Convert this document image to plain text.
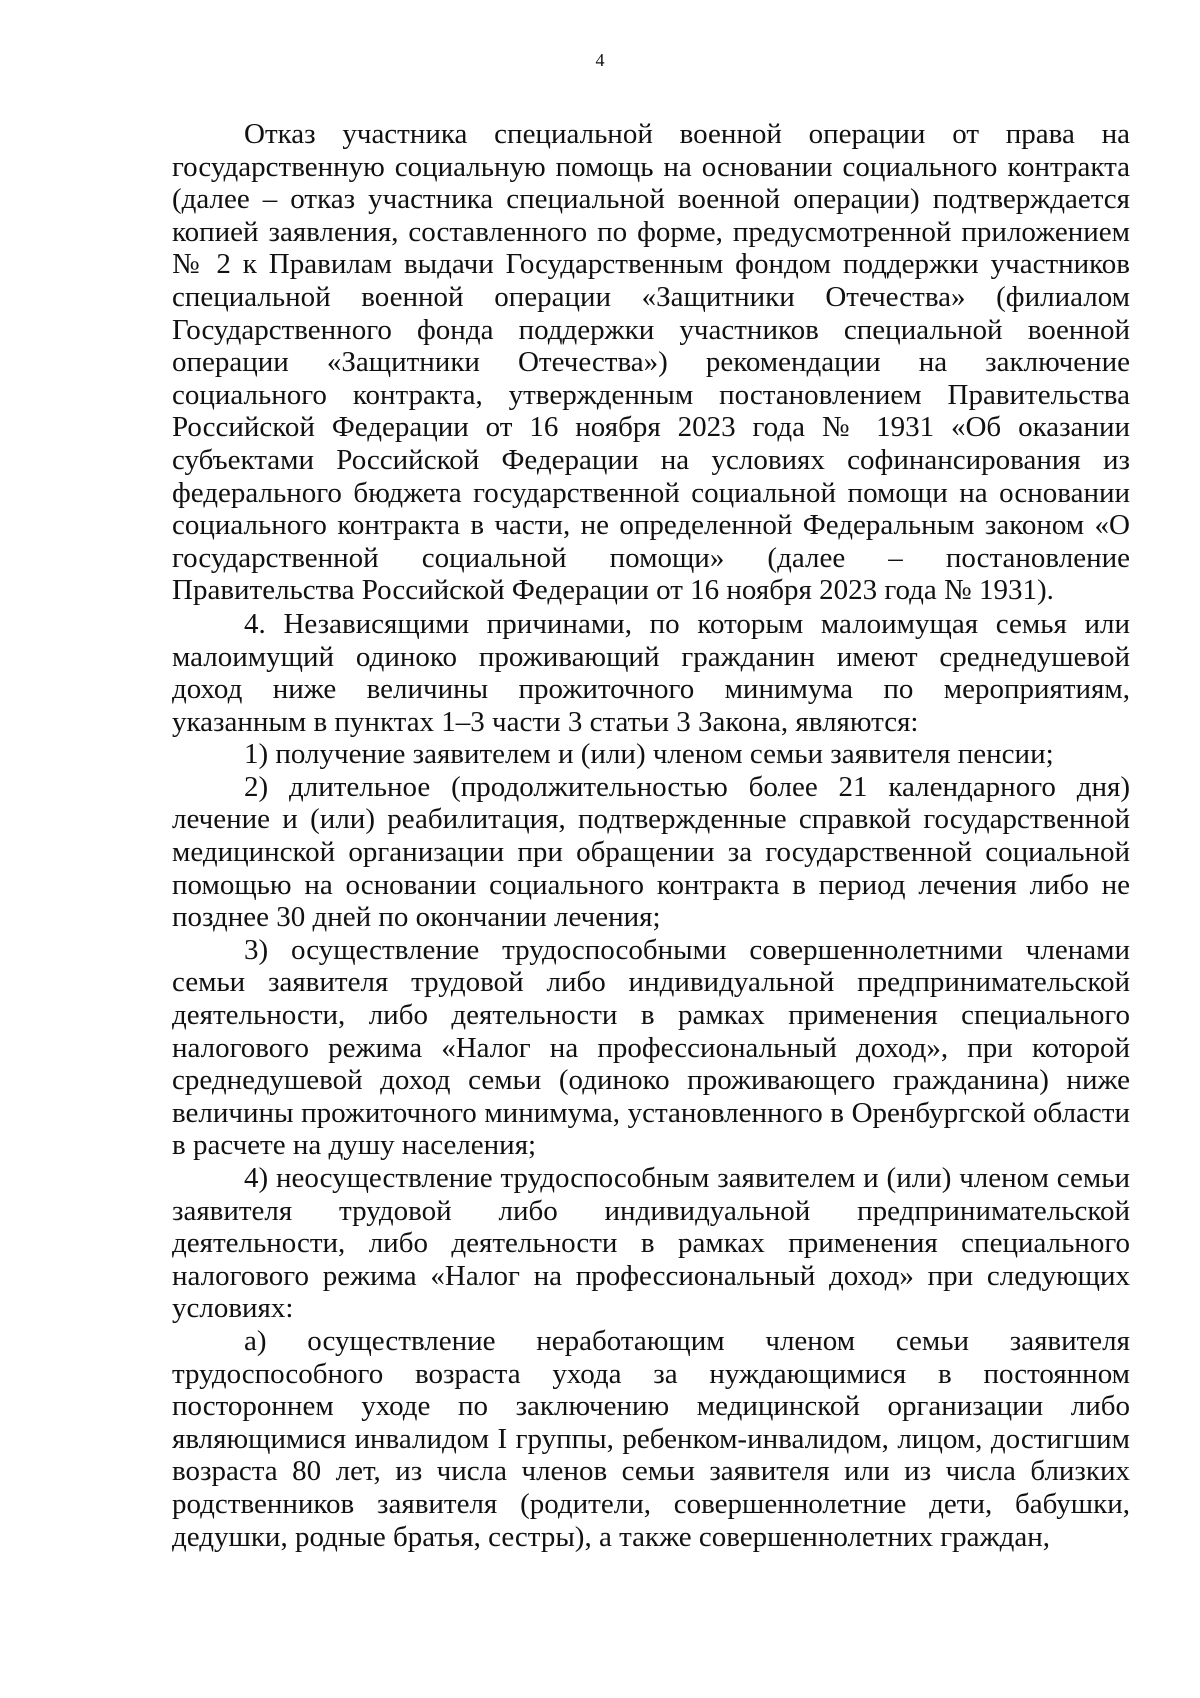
4

Отказ участника специальной военной операции от права на государственную социальную помощь на основании социального контракта (далее – отказ участника специальной военной операции) подтверждается копией заявления, составленного по форме, предусмотренной приложением № 2 к Правилам выдачи Государственным фондом поддержки участников специальной военной операции «Защитники Отечества» (филиалом Государственного фонда поддержки участников специальной военной операции «Защитники Отечества») рекомендации на заключение социального контракта, утвержденным постановлением Правительства Российской Федерации от 16 ноября 2023 года № 1931 «Об оказании субъектами Российской Федерации на условиях софинансирования из федерального бюджета государственной социальной помощи на основании социального контракта в части, не определенной Федеральным законом «О государственной социальной помощи» (далее – постановление Правительства Российской Федерации от 16 ноября 2023 года № 1931).

4. Независящими причинами, по которым малоимущая семья или малоимущий одиноко проживающий гражданин имеют среднедушевой доход ниже величины прожиточного минимума по мероприятиям, указанным в пунктах 1–3 части 3 статьи 3 Закона, являются:

1) получение заявителем и (или) членом семьи заявителя пенсии;

2) длительное (продолжительностью более 21 календарного дня) лечение и (или) реабилитация, подтвержденные справкой государственной медицинской организации при обращении за государственной социальной помощью на основании социального контракта в период лечения либо не позднее 30 дней по окончании лечения;

3) осуществление трудоспособными совершеннолетними членами семьи заявителя трудовой либо индивидуальной предпринимательской деятельности, либо деятельности в рамках применения специального налогового режима «Налог на профессиональный доход», при которой среднедушевой доход семьи (одиноко проживающего гражданина) ниже величины прожиточного минимума, установленного в Оренбургской области в расчете на душу населения;

4) неосуществление трудоспособным заявителем и (или) членом семьи заявителя трудовой либо индивидуальной предпринимательской деятельности, либо деятельности в рамках применения специального налогового режима «Налог на профессиональный доход» при следующих условиях:

а) осуществление неработающим членом семьи заявителя трудоспособного возраста ухода за нуждающимися в постоянном постороннем уходе по заключению медицинской организации либо являющимися инвалидом I группы, ребенком-инвалидом, лицом, достигшим возраста 80 лет, из числа членов семьи заявителя или из числа близких родственников заявителя (родители, совершеннолетние дети, бабушки, дедушки, родные братья, сестры), а также совершеннолетних граждан,
